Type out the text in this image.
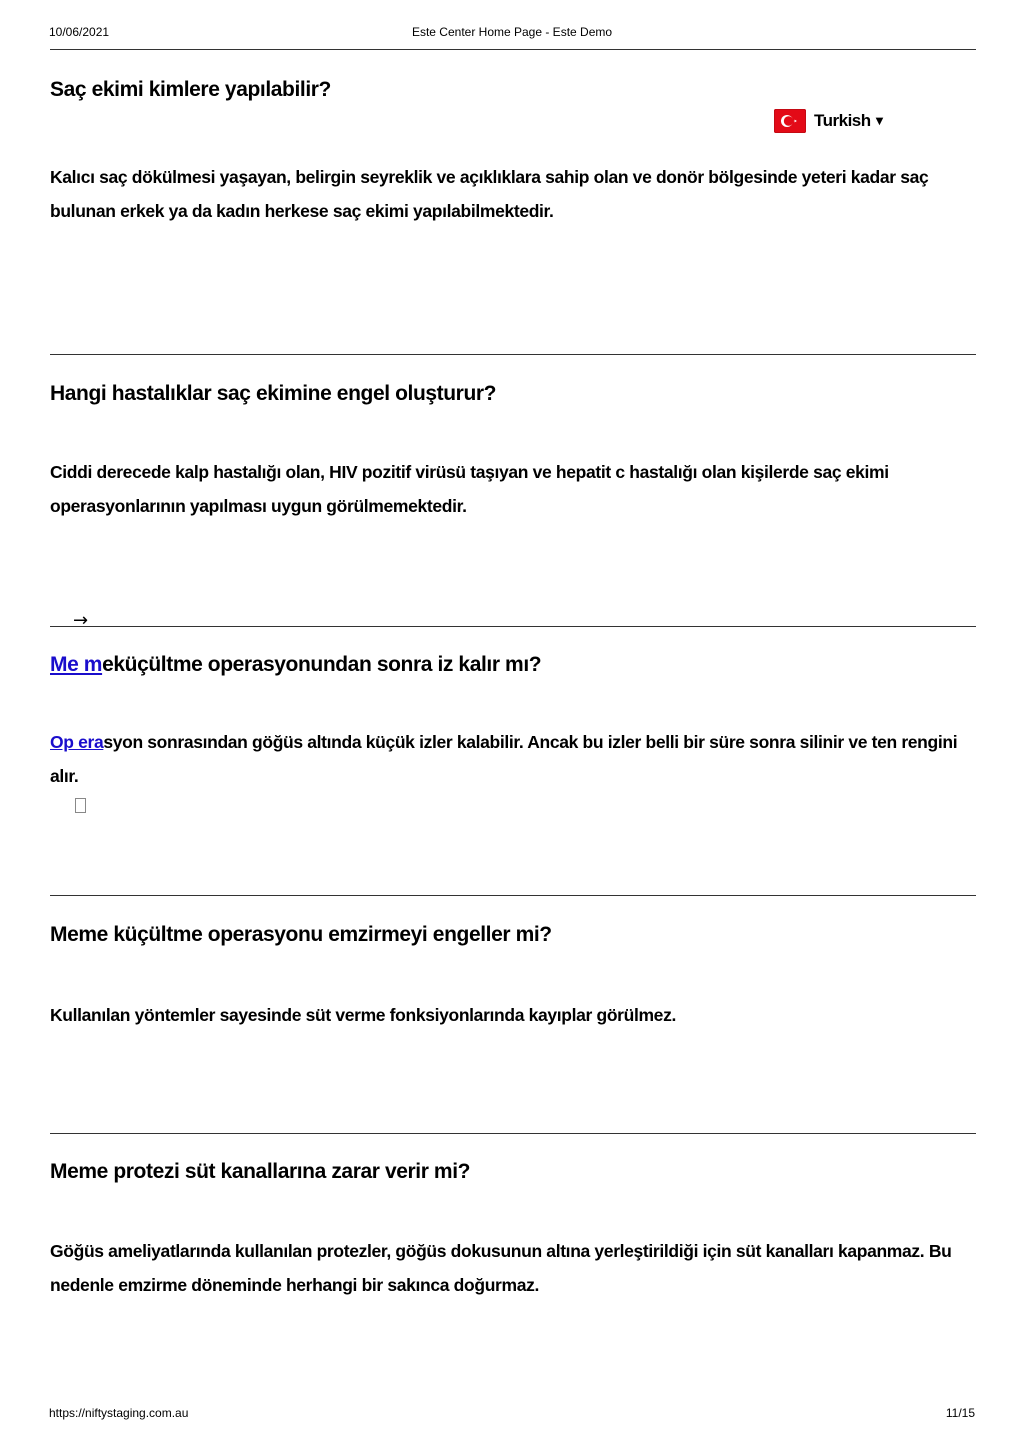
10/06/2021	Este Center Home Page - Este Demo
Saç ekimi kimlere yapılabilir?
Turkish ▼

Kalıcı saç dökülmesi yaşayan, belirgin seyreklik ve açıklıklara sahip olan ve donör bölgesinde yeteri kadar saç bulunan erkek ya da kadın herkese saç ekimi yapılabilmektedir.

Hangi hastalıklar saç ekimine engel oluşturur?

Ciddi derecede kalp hastalığı olan, HIV pozitif virüsü taşıyan ve hepatit c hastalığı olan kişilerde saç ekimi operasyonlarının yapılması uygun görülmemektedir.

→
Me meküçültme operasyonundan sonra iz kalır mı?

Op erasyon sonrasından göğüs altında küçük izler kalabilir. Ancak bu izler belli bir süre sonra silinir ve ten rengini alır.

Meme küçültme operasyonu emzirmeyi engeller mi?

Kullanılan yöntemler sayesinde süt verme fonksiyonlarında kayıplar görülmez.

Meme protezi süt kanallarına zarar verir mi?

Göğüs ameliyatlarında kullanılan protezler, göğüs dokusunun altına yerleştirildiği için süt kanalları kapanmaz. Bu nedenle emzirme döneminde herhangi bir sakınca doğurmaz.

https://niftystaging.com.au	11/15
